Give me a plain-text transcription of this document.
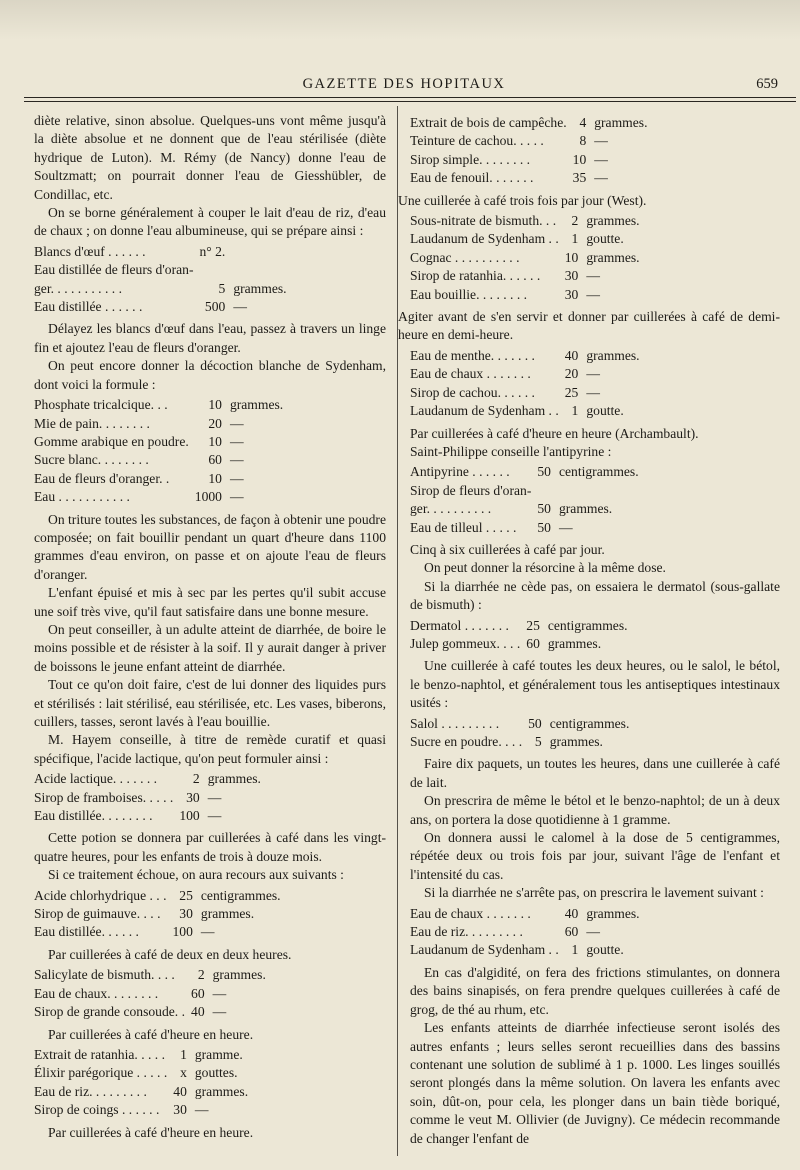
GAZETTE DES HOPITAUX	659

diète relative, sinon absolue. Quelques-uns vont même jusqu'à la diète absolue et ne donnent que de l'eau stérilisée (diète hydrique de Luton). M. Rémy (de Nancy) donne l'eau de Soultzmatt; on pourrait donner l'eau de Giesshübler, de Condillac, etc.

On se borne généralement à couper le lait d'eau de riz, d'eau de chaux ; on donne l'eau albumineuse, qui se prépare ainsi :

Blancs d'œuf . . . . . .	n° 2.	
Eau distillée de fleurs d'oran-		
ger. . . . . . . . . . .	5	grammes.
Eau distillée . . . . . .	500	—

Délayez les blancs d'œuf dans l'eau, passez à travers un linge fin et ajoutez l'eau de fleurs d'oranger.

On peut encore donner la décoction blanche de Sydenham, dont voici la formule :

Phosphate tricalcique. . .	10	grammes.
Mie de pain. . . . . . . .	20	—
Gomme arabique en poudre.	10	—
Sucre blanc. . . . . . . .	60	—
Eau de fleurs d'oranger. .	10	—
Eau . . . . . . . . . . .	1000	—

On triture toutes les substances, de façon à obtenir une poudre composée; on fait bouillir pendant un quart d'heure dans 1100 grammes d'eau environ, on passe et on ajoute l'eau de fleurs d'oranger.

L'enfant épuisé et mis à sec par les pertes qu'il subit accuse une soif très vive, qu'il faut satisfaire dans une bonne mesure.

On peut conseiller, à un adulte atteint de diarrhée, de boire le moins possible et de résister à la soif. Il y aurait danger à priver de boissons le jeune enfant atteint de diarrhée.

Tout ce qu'on doit faire, c'est de lui donner des liquides purs et stérilisés : lait stérilisé, eau stérilisée, etc. Les vases, biberons, cuillers, tasses, seront lavés à l'eau bouillie.

M. Hayem conseille, à titre de remède curatif et quasi spécifique, l'acide lactique, qu'on peut formuler ainsi :

Acide lactique. . . . . . .	2	grammes.
Sirop de framboises. . . . .	30	—
Eau distillée. . . . . . . .	100	—

Cette potion se donnera par cuillerées à café dans les vingt-quatre heures, pour les enfants de trois à douze mois.

Si ce traitement échoue, on aura recours aux suivants :

Acide chlorhydrique . . .	25	centigrammes.
Sirop de guimauve. . . .	30	grammes.
Eau distillée. . . . . .	100	—

Par cuillerées à café de deux en deux heures.

Salicylate de bismuth. . . .	2	grammes.
Eau de chaux. . . . . . . .	60	—
Sirop de grande consoude. .	40	—

Par cuillerées à café d'heure en heure.

Extrait de ratanhia. . . . .	1	gramme.
Élixir parégorique . . . . .	x	gouttes.
Eau de riz. . . . . . . . .	40	grammes.
Sirop de coings . . . . . .	30	—

Par cuillerées à café d'heure en heure.

Extrait de bois de campêche.	4	grammes.
Teinture de cachou. . . . .	8	—
Sirop simple. . . . . . . .	10	—
Eau de fenouil. . . . . . .	35	—

Une cuillerée à café trois fois par jour (West).

Sous-nitrate de bismuth. . .	2	grammes.
Laudanum de Sydenham . .	1	goutte.
Cognac . . . . . . . . . .	10	grammes.
Sirop de ratanhia. . . . . .	30	—
Eau bouillie. . . . . . . .	30	—

Agiter avant de s'en servir et donner par cuillerées à café de demi-heure en demi-heure.

Eau de menthe. . . . . . .	40	grammes.
Eau de chaux . . . . . . .	20	—
Sirop de cachou. . . . . .	25	—
Laudanum de Sydenham . .	1	goutte.

Par cuillerées à café d'heure en heure (Archambault).

Saint-Philippe conseille l'antipyrine :

Antipyrine . . . . . .	50	centigrammes.
Sirop de fleurs d'oran-		
ger. . . . . . . . . .	50	grammes.
Eau de tilleul . . . . .	50	—

Cinq à six cuillerées à café par jour.

On peut donner la résorcine à la même dose.

Si la diarrhée ne cède pas, on essaiera le dermatol (sous-gallate de bismuth) :

Dermatol . . . . . . .	25	centigrammes.
Julep gommeux. . . .	60	grammes.

Une cuillerée à café toutes les deux heures, ou le salol, le bétol, le benzo-naphtol, et généralement tous les antiseptiques intestinaux usités :

Salol . . . . . . . . .	50	centigrammes.
Sucre en poudre. . . .	5	grammes.

Faire dix paquets, un toutes les heures, dans une cuillerée à café de lait.

On prescrira de même le bétol et le benzo-naphtol; de un à deux ans, on portera la dose quotidienne à 1 gramme.

On donnera aussi le calomel à la dose de 5 centigrammes, répétée deux ou trois fois par jour, suivant l'âge de l'enfant et l'intensité du cas.

Si la diarrhée ne s'arrête pas, on prescrira le lavement suivant :

Eau de chaux . . . . . . .	40	grammes.
Eau de riz. . . . . . . . .	60	—
Laudanum de Sydenham . .	1	goutte.

En cas d'algidité, on fera des frictions stimulantes, on donnera des bains sinapisés, on fera prendre quelques cuillerées à café de grog, de thé au rhum, etc.

Les enfants atteints de diarrhée infectieuse seront isolés des autres enfants ; leurs selles seront recueillies dans des bassins contenant une solution de sublimé à 1 p. 1000. Les linges souillés seront plongés dans la même solution. On lavera les enfants avec soin, dût-on, pour cela, les plonger dans un bain tiède boriqué, comme le veut M. Ollivier (de Juvigny). Ce médecin recommande de changer l'enfant de
